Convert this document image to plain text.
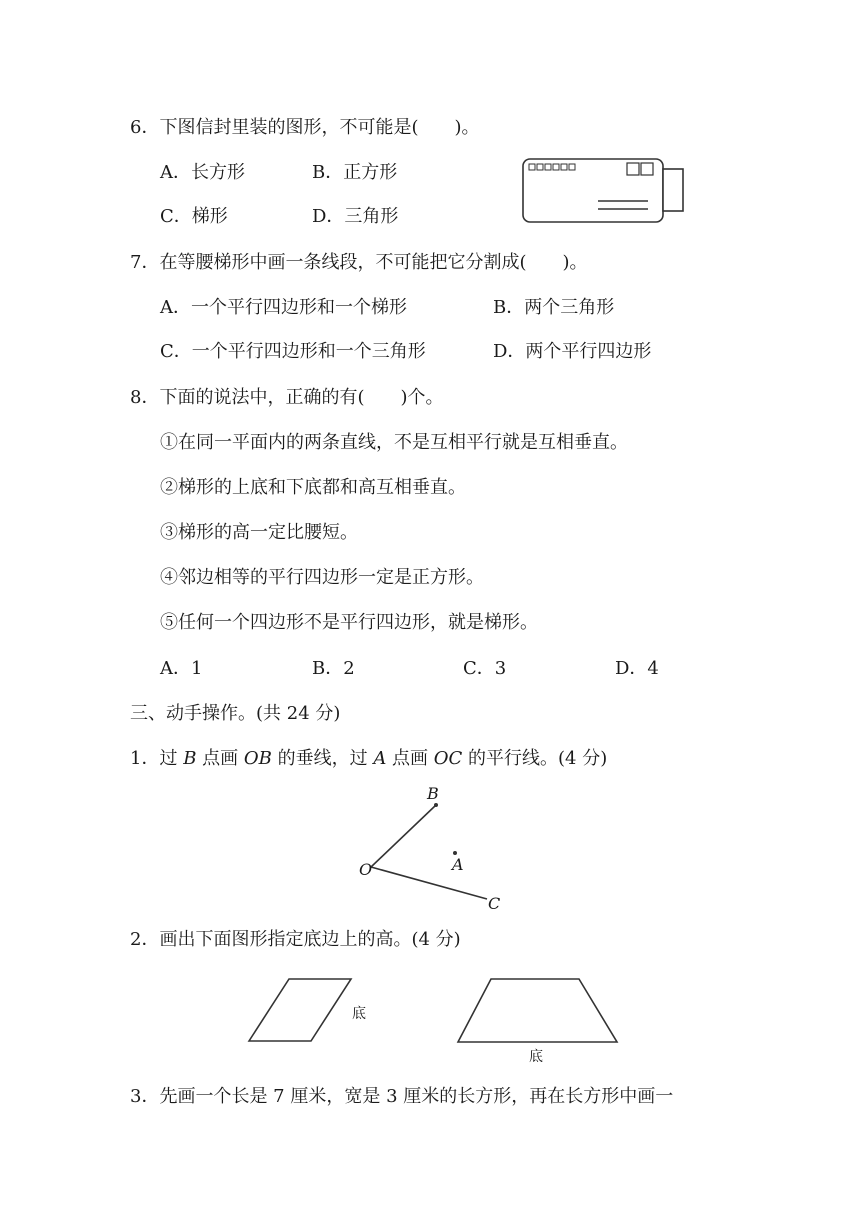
6．下图信封里装的图形，不可能是(　　)。
A．长方形	B．正方形
C．梯形	D．三角形
7．在等腰梯形中画一条线段，不可能把它分割成(　　)。
A．一个平行四边形和一个梯形	B．两个三角形
C．一个平行四边形和一个三角形	D．两个平行四边形
8．下面的说法中，正确的有(　　)个。
①在同一平面内的两条直线，不是互相平行就是互相垂直。
②梯形的上底和下底都和高互相垂直。
③梯形的高一定比腰短。
④邻边相等的平行四边形一定是正方形。
⑤任何一个四边形不是平行四边形，就是梯形。
A．1	B．2	C．3	D．4
三、动手操作。(共 24 分)
1．过 B 点画 OB 的垂线，过 A 点画 OC 的平行线。(4 分)
B
O	A
C
2．画出下面图形指定底边上的高。(4 分)
底
底
3．先画一个长是 7 厘米，宽是 3 厘米的长方形，再在长方形中画一
